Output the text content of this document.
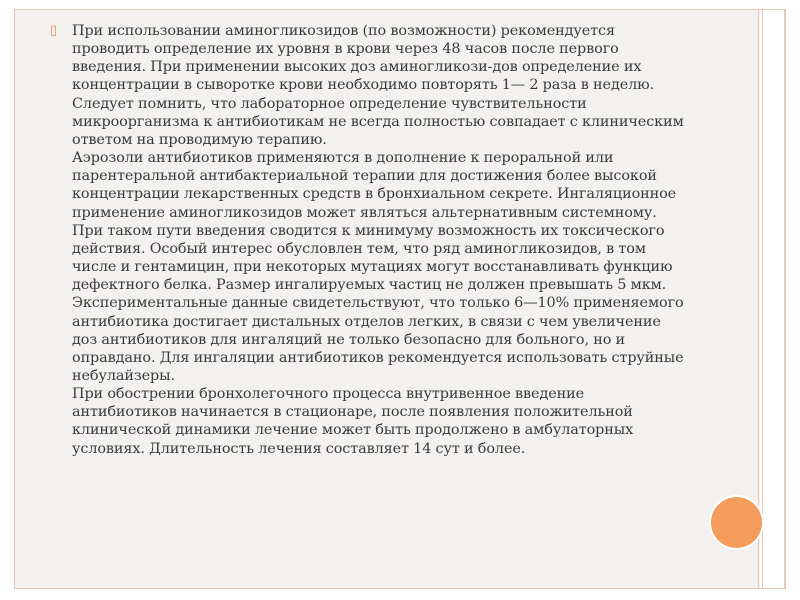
▯	При использовании аминогликозидов (по возможности) рекомендуется проводить определение их уровня в крови через 48 часов после первого введения. При применении высоких доз аминогликози-дов определение их концентрации в сыворотке крови необходимо повторять 1— 2 раза в неделю.

Следует помнить, что лабораторное определение чувствительности микроорганизма к антибиотикам не всегда полностью совпадает с клиническим ответом на проводимую терапию.

Аэрозоли антибиотиков применяются в дополнение к пероральной или парентеральной антибактериальной терапии для достижения более высокой концентрации лекарственных средств в бронхиальном секрете. Ингаляционное применение аминогликозидов может являться альтернативным системному. При таком пути введения сводится к минимуму возможность их токсического действия. Особый интерес обусловлен тем, что ряд аминогликозидов, в том числе и гентамицин, при некоторых мутациях могут восстанавливать функцию дефектного белка. Размер ингалируемых частиц не должен превышать 5 мкм. Экспериментальные данные свидетельствуют, что только 6—10% применяемого антибиотика достигает дистальных отделов легких, в связи с чем увеличение доз антибиотиков для ингаляций не только безопасно для больного, но и оправдано. Для ингаляции антибиотиков рекомендуется использовать струйные небулайзеры.

При обострении бронхолегочного процесса внутривенное введение антибиотиков начинается в стационаре, после появления положительной клинической динамики лечение может быть продолжено в амбулаторных условиях. Длительность лечения составляет 14 сут и более.
